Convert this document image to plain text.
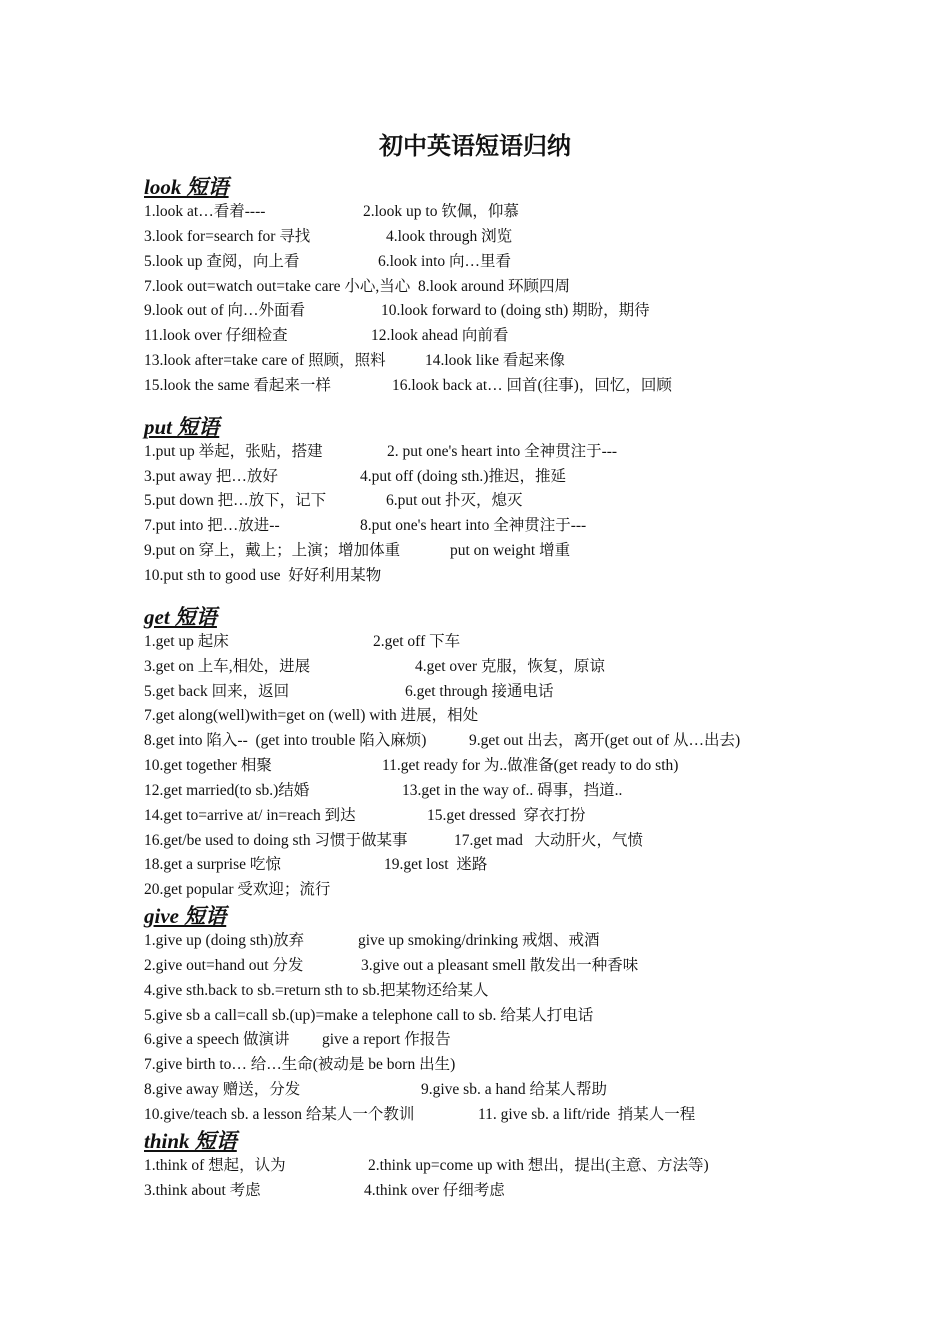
初中英语短语归纳
look 短语
1.look at…看着----	2.look up to 钦佩，仰慕
3.look for=search for 寻找	4.look through 浏览
5.look up 查阅，向上看	6.look into 向…里看
7.look out=watch out=take care 小心,当心  8.look around 环顾四周
9.look out of 向…外面看	10.look forward to (doing sth) 期盼，期待
11.look over 仔细检查	12.look ahead 向前看
13.look after=take care of 照顾，照料	14.look like 看起来像
15.look the same 看起来一样	16.look back at… 回首(往事)，回忆，回顾
put 短语
1.put up 举起，张贴，搭建	2. put one's heart into 全神贯注于---
3.put away 把…放好	4.put off (doing sth.)推迟，推延
5.put down 把…放下，记下	6.put out 扑灭，熄灭
7.put into 把…放进--	8.put one's heart into 全神贯注于---
9.put on 穿上，戴上；上演；增加体重	put on weight 增重
10.put sth to good use  好好利用某物
get 短语
1.get up 起床	2.get off 下车
3.get on 上车,相处，进展	4.get over 克服，恢复，原谅
5.get back 回来，返回	6.get through 接通电话
7.get along(well)with=get on (well) with 进展，相处
8.get into 陷入--  (get into trouble 陷入麻烦)	9.get out 出去，离开(get out of 从…出去)
10.get together 相聚	11.get ready for 为..做准备(get ready to do sth)
12.get married(to sb.)结婚	13.get in the way of.. 碍事，挡道..
14.get to=arrive at/ in=reach 到达	15.get dressed  穿衣打扮
16.get/be used to doing sth 习惯于做某事	17.get mad   大动肝火，气愤
18.get a surprise 吃惊	19.get lost  迷路
20.get popular 受欢迎；流行
give 短语
1.give up (doing sth)放弃	give up smoking/drinking 戒烟、戒酒
2.give out=hand out 分发	3.give out a pleasant smell 散发出一种香味
4.give sth.back to sb.=return sth to sb.把某物还给某人
5.give sb a call=call sb.(up)=make a telephone call to sb. 给某人打电话
6.give a speech 做演讲 give a report 作报告
7.give birth to… 给…生命(被动是 be born 出生)
8.give away 赠送，分发	9.give sb. a hand 给某人帮助
10.give/teach sb. a lesson 给某人一个教训	11. give sb. a lift/ride  捎某人一程
think 短语
1.think of 想起，认为	2.think up=come up with 想出，提出(主意、方法等)
3.think about 考虑	4.think over 仔细考虑
